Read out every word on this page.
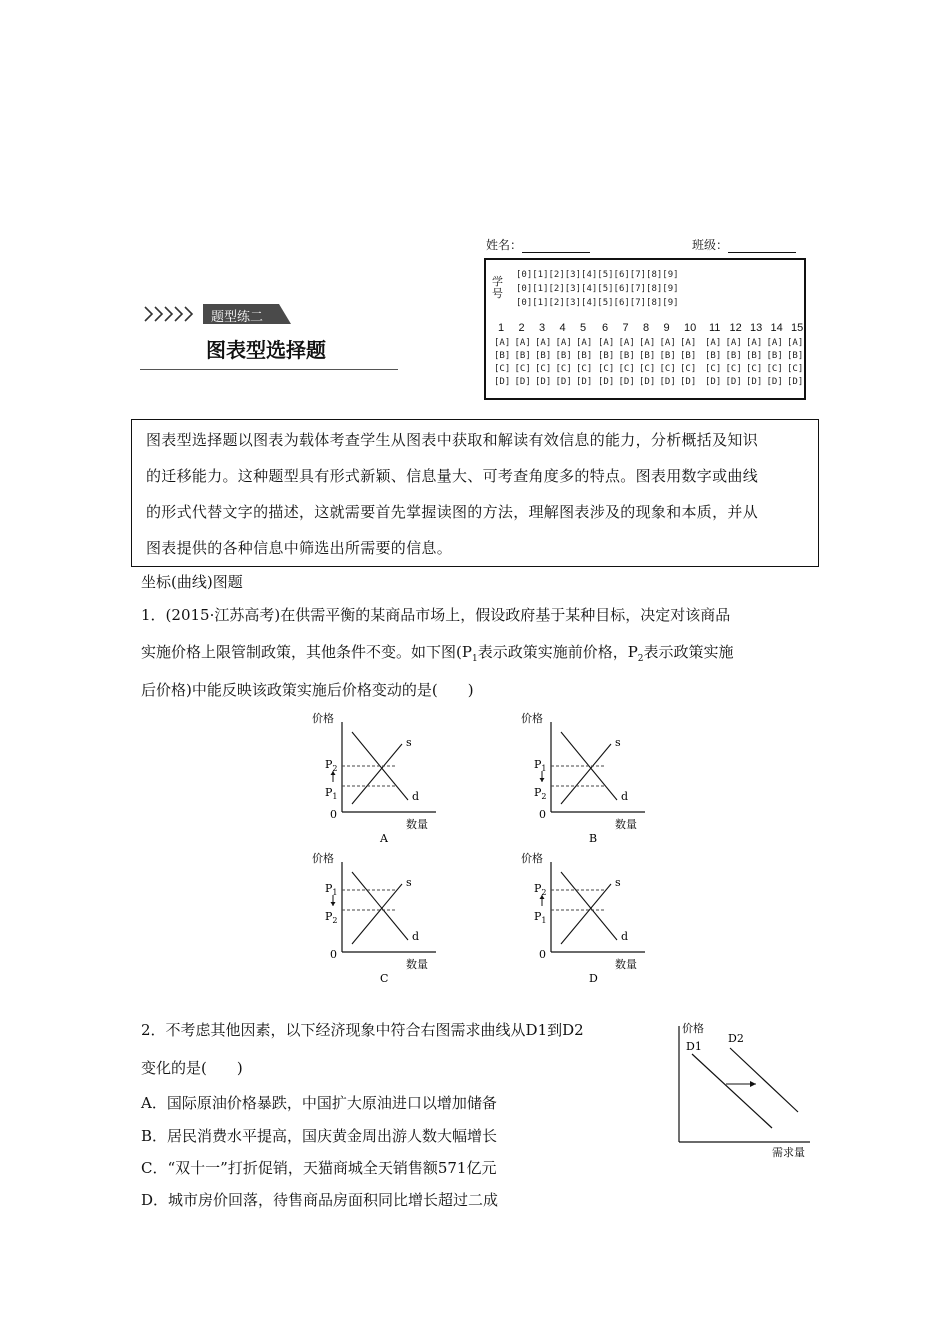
姓名：	班级：
学号
[0][1][2][3][4][5][6][7][8][9]
[0][1][2][3][4][5][6][7][8][9]
[0][1][2][3][4][5][6][7][8][9]
1
[A]
[B]
[C]
[D]
2
[A]
[B]
[C]
[D]
3
[A]
[B]
[C]
[D]
4
[A]
[B]
[C]
[D]
5
[A]
[B]
[C]
[D]
6
[A]
[B]
[C]
[D]
7
[A]
[B]
[C]
[D]
8
[A]
[B]
[C]
[D]
9
[A]
[B]
[C]
[D]
10
[A]
[B]
[C]
[D]
11
[A]
[B]
[C]
[D]
12
[A]
[B]
[C]
[D]
13
[A]
[B]
[C]
[D]
14
[A]
[B]
[C]
[D]
15
[A]
[B]
[C]
[D]
题型练二
图表型选择题

图表型选择题以图表为载体考查学生从图表中获取和解读有效信息的能力，分析概括及知识

的迁移能力。这种题型具有形式新颖、信息量大、可考查角度多的特点。图表用数字或曲线

的形式代替文字的描述，这就需要首先掌握读图的方法，理解图表涉及的现象和本质，并从

图表提供的各种信息中筛选出所需要的信息。

坐标(曲线)图题
1．(2015·江苏高考)在供需平衡的某商品市场上，假设政府基于某种目标，决定对该商品
实施价格上限管制政策，其他条件不变。如下图($P_1$表示政策实施前价格，$P_2$表示政策实施
后价格)中能反映该政策实施后价格变动的是(　　)
价格
数量
0
s
d
$P_2$
$P_1$
A
价格
数量
0
s
d
$P_1$
$P_2$
B
价格
数量
0
s
d
$P_1$
$P_2$
C
价格
数量
0
s
d
$P_2$
$P_1$
D
2．不考虑其他因素，以下经济现象中符合右图需求曲线从D1到D2
变化的是(　　)
A．国际原油价格暴跌，中国扩大原油进口以增加储备
B．居民消费水平提高，国庆黄金周出游人数大幅增长
C．“双十一”打折促销，天猫商城全天销售额571亿元
D．城市房价回落，待售商品房面积同比增长超过二成
价格
D1
D2
需求量
